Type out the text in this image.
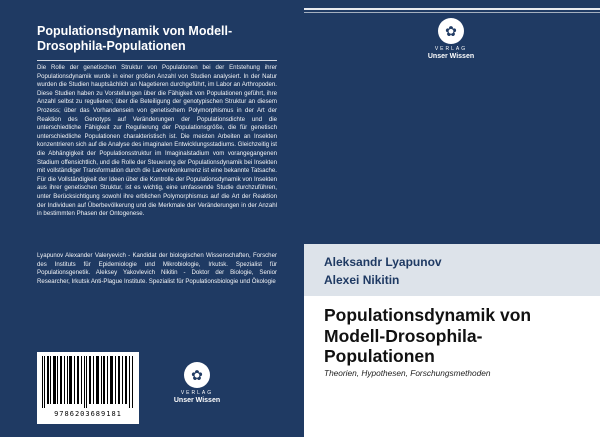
Populationsdynamik von Modell-Drosophila-Populationen
Die Rolle der genetischen Struktur von Populationen bei der Entstehung ihrer Populationsdynamik wurde in einer großen Anzahl von Studien analysiert. In der Natur wurden die Studien hauptsächlich an Nagetieren durchgeführt, im Labor an Arthropoden. Diese Studien haben zu Vorstellungen über die Fähigkeit von Populationen geführt, ihre Anzahl selbst zu regulieren; über die Beteiligung der genotypischen Struktur an diesem Prozess; über das Vorhandensein von genetischem Polymorphismus in der Art der Reaktion des Genotyps auf Veränderungen der Populationsdichte und die unterschiedliche Fähigkeit zur Regulierung der Populationsgröße, die für genetisch unterschiedliche Populationen charakteristisch ist. Die meisten Arbeiten an Insekten konzentrieren sich auf die Analyse des imaginalen Entwicklungsstadiums. Gleichzeitig ist die Abhängigkeit der Populationsstruktur im Imaginalstadium vom vorangegangenen Stadium offensichtlich, und die Rolle der Steuerung der Populationsdynamik bei Insekten mit vollständiger Transformation durch die Larvenkonkurrenz ist eine bekannte Tatsache. Für die Vollständigkeit der Ideen über die Kontrolle der Populationsdynamik von Insekten aus ihrer genetischen Struktur, ist es wichtig, eine umfassende Studie durchzuführen, unter Berücksichtigung sowohl ihre erblichen Polymorphismus auf die Art der Reaktion der Individuen auf Überbevölkerung und die Merkmale der Veränderungen in der Anzahl in bestimmten Phasen der Ontogenese.
Lyapunov Alexander Valeryevich - Kandidat der biologischen Wissenschaften, Forscher des Instituts für Epidemiologie und Mikrobiologie, Irkutsk. Spezialist für Populationsgenetik. Aleksey Yakovlevich Nikitin - Doktor der Biologie, Senior Researcher, Irkutsk Anti-Plague Institute. Spezialist für Populationsbiologie und Ökologie
9786203689181
✿
VERLAG
Unser Wissen
✿
VERLAG
Unser Wissen
Aleksandr Lyapunov
Alexei Nikitin
Populationsdynamik von Modell-Drosophila-Populationen
Theorien, Hypothesen, Forschungsmethoden
